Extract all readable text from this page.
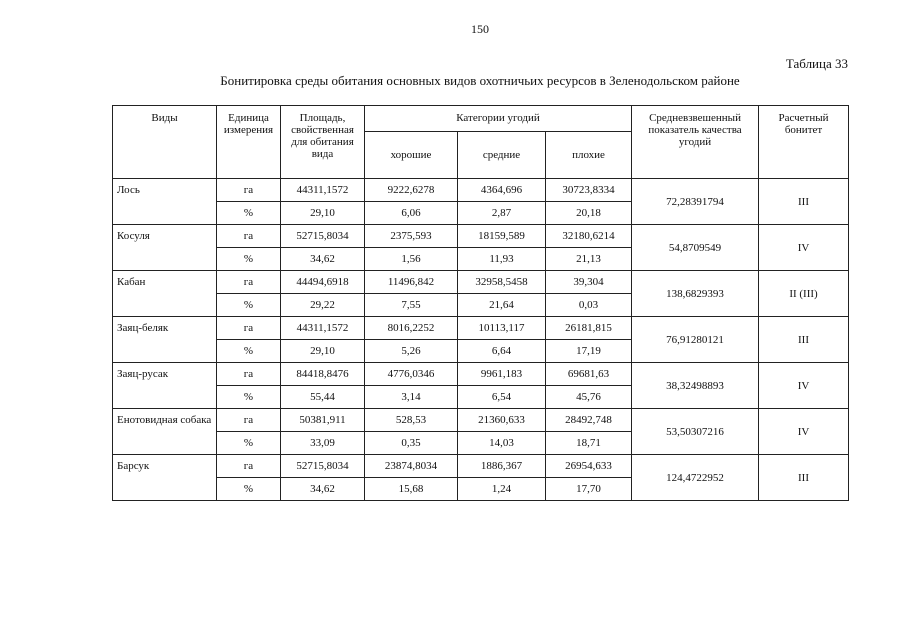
150
Таблица 33
Бонитировка среды обитания основных видов охотничьих ресурсов в Зеленодольском районе
Виды	Единица измерения	Площадь, свойственная для обитания вида	Категории угодий			Средневзвешенный показатель качества угодий	Расчетный бонитет
			хорошие	средние	плохие		
Лось	га	44311,1572	9222,6278	4364,696	30723,8334	72,28391794	III
	%	29,10	6,06	2,87	20,18		
Косуля	га	52715,8034	2375,593	18159,589	32180,6214	54,8709549	IV
	%	34,62	1,56	11,93	21,13		
Кабан	га	44494,6918	11496,842	32958,5458	39,304	138,6829393	II (III)
	%	29,22	7,55	21,64	0,03		
Заяц-беляк	га	44311,1572	8016,2252	10113,117	26181,815	76,91280121	III
	%	29,10	5,26	6,64	17,19		
Заяц-русак	га	84418,8476	4776,0346	9961,183	69681,63	38,32498893	IV
	%	55,44	3,14	6,54	45,76		
Енотовидная собака	га	50381,911	528,53	21360,633	28492,748	53,50307216	IV
	%	33,09	0,35	14,03	18,71		
Барсук	га	52715,8034	23874,8034	1886,367	26954,633	124,4722952	III
	%	34,62	15,68	1,24	17,70		
